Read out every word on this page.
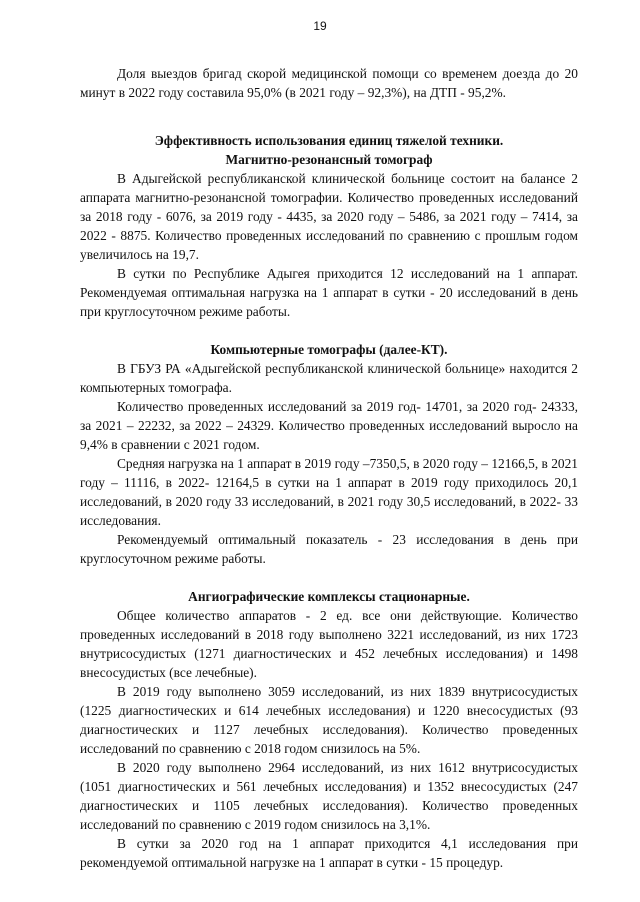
19

Доля выездов бригад скорой медицинской помощи со временем доезда до 20 минут в 2022 году составила 95,0% (в 2021 году – 92,3%), на ДТП - 95,2%.

Эффективность использования единиц тяжелой техники.

Магнитно-резонансный томограф

В Адыгейской республиканской клинической больнице состоит на балансе 2 аппарата магнитно-резонансной томографии. Количество проведенных исследований за 2018 году - 6076, за 2019 году - 4435, за 2020 году – 5486, за 2021 году – 7414, за 2022 - 8875. Количество проведенных исследований по сравнению с прошлым годом увеличилось на 19,7.

В сутки по Республике Адыгея приходится 12 исследований на 1 аппарат. Рекомендуемая оптимальная нагрузка на 1 аппарат в сутки - 20 исследований в день при круглосуточном режиме работы.

Компьютерные томографы (далее-КТ).

В ГБУЗ РА «Адыгейской республиканской клинической больнице» находится 2 компьютерных томографа.

Количество проведенных исследований за 2019 год- 14701, за 2020 год- 24333, за 2021 – 22232, за 2022 – 24329. Количество проведенных исследований выросло на 9,4% в сравнении с 2021 годом.

Средняя нагрузка на 1 аппарат в 2019 году –7350,5, в 2020 году – 12166,5, в 2021 году – 11116, в 2022- 12164,5 в сутки на 1 аппарат в 2019 году приходилось 20,1 исследований, в 2020 году 33 исследований, в 2021 году 30,5 исследований, в 2022- 33 исследования.

Рекомендуемый оптимальный показатель - 23 исследования в день при круглосуточном режиме работы.

Ангиографические комплексы стационарные.

Общее количество аппаратов - 2 ед. все они действующие. Количество проведенных исследований в 2018 году выполнено 3221 исследований, из них 1723 внутрисосудистых (1271 диагностических и 452 лечебных исследования) и 1498 внесосудистых (все лечебные).

В 2019 году выполнено 3059 исследований, из них 1839 внутрисосудистых (1225 диагностических и 614 лечебных исследования) и 1220 внесосудистых (93 диагностических и 1127 лечебных исследования). Количество проведенных исследований по сравнению с 2018 годом снизилось на 5%.

В 2020 году выполнено 2964 исследований, из них 1612 внутрисосудистых (1051 диагностических и 561 лечебных исследования) и 1352 внесосудистых (247 диагностических и 1105 лечебных исследования). Количество проведенных исследований по сравнению с 2019 годом снизилось на 3,1%.

В сутки за 2020 год на 1 аппарат приходится 4,1 исследования при рекомендуемой оптимальной нагрузке на 1 аппарат в сутки - 15 процедур.
